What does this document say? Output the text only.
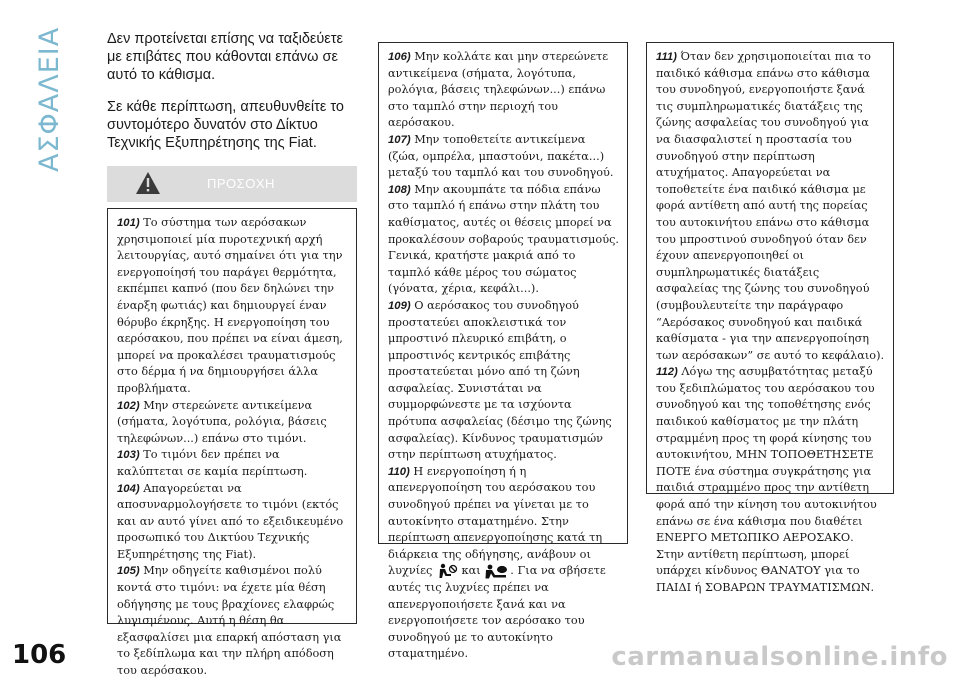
ΑΣΦΑΛΕΙΑ
106

Δεν προτείνεται επίσης να ταξιδεύετε με επιβάτες που κάθονται επάνω σε αυτό το κάθισμα.

Σε κάθε περίπτωση, απευθυνθείτε το συντομότερο δυνατόν στο Δίκτυο Τεχνικής Εξυπηρέτησης της Fiat.

ΠΡΟΣΟΧΗ

101) Το σύστημα των αερόσακων χρησιμοποιεί μία πυροτεχνική αρχή λειτουργίας, αυτό σημαίνει ότι για την ενεργοποίησή του παράγει θερμότητα, εκπέμπει καπνό (που δεν δηλώνει την έναρξη φωτιάς) και δημιουργεί έναν θόρυβο έκρηξης. Η ενεργοποίηση του αερόσακου, που πρέπει να είναι άμεση, μπορεί να προκαλέσει τραυματισμούς στο δέρμα ή να δημιουργήσει άλλα προβλήματα.

102) Μην στερεώνετε αντικείμενα (σήματα, λογότυπα, ρολόγια, βάσεις τηλεφώνων...) επάνω στο τιμόνι.

103) Το τιμόνι δεν πρέπει να καλύπτεται σε καμία περίπτωση.

104) Απαγορεύεται να αποσυναρμολογήσετε το τιμόνι (εκτός και αν αυτό γίνει από το εξειδικευμένο προσωπικό του Δικτύου Τεχνικής Εξυπηρέτησης της Fiat).

105) Μην οδηγείτε καθισμένοι πολύ κοντά στο τιμόνι: να έχετε μία θέση οδήγησης με τους βραχίονες ελαφρώς λυγισμένους. Αυτή η θέση θα εξασφαλίσει μια επαρκή απόσταση για το ξεδίπλωμα και την πλήρη απόδοση του αερόσακου.

106) Μην κολλάτε και μην στερεώνετε αντικείμενα (σήματα, λογότυπα, ρολόγια, βάσεις τηλεφώνων...) επάνω στο ταμπλό στην περιοχή του αερόσακου.

107) Μην τοποθετείτε αντικείμενα (ζώα, ομπρέλα, μπαστούνι, πακέτα...) μεταξύ του ταμπλό και του συνοδηγού.

108) Μην ακουμπάτε τα πόδια επάνω στο ταμπλό ή επάνω στην πλάτη του καθίσματος, αυτές οι θέσεις μπορεί να προκαλέσουν σοβαρούς τραυματισμούς. Γενικά, κρατήστε μακριά από το ταμπλό κάθε μέρος του σώματος (γόνατα, χέρια, κεφάλι...).

109) Ο αερόσακος του συνοδηγού προστατεύει αποκλειστικά τον μπροστινό πλευρικό επιβάτη, ο μπροστινός κεντρικός επιβάτης προστατεύεται μόνο από τη ζώνη ασφαλείας. Συνιστάται να συμμορφώνεστε με τα ισχύοντα πρότυπα ασφαλείας (δέσιμο της ζώνης ασφαλείας). Κίνδυνος τραυματισμών στην περίπτωση ατυχήματος.

110) Η ενεργοποίηση ή η απενεργοποίηση του αερόσακου του συνοδηγού πρέπει να γίνεται με το αυτοκίνητο σταματημένο. Στην περίπτωση απενεργοποίησης κατά τη διάρκεια της οδήγησης, ανάβουν οι λυχνίες	και	. Για να σβήσετε αυτές τις λυχνίες πρέπει να απενεργοποιήσετε ξανά και να ενεργοποιήσετε τον αερόσακο του συνοδηγού με το αυτοκίνητο σταματημένο.

111) Όταν δεν χρησιμοποιείται πια το παιδικό κάθισμα επάνω στο κάθισμα του συνοδηγού, ενεργοποιήστε ξανά τις συμπληρωματικές διατάξεις της ζώνης ασφαλείας του συνοδηγού για να διασφαλιστεί η προστασία του συνοδηγού στην περίπτωση ατυχήματος. Απαγορεύεται να τοποθετείτε ένα παιδικό κάθισμα με φορά αντίθετη από αυτή της πορείας του αυτοκινήτου επάνω στο κάθισμα του μπροστινού συνοδηγού όταν δεν έχουν απενεργοποιηθεί οι συμπληρωματικές διατάξεις ασφαλείας της ζώνης του συνοδηγού (συμβουλευτείτε την παράγραφο “Αερόσακος συνοδηγού και παιδικά καθίσματα - για την απενεργοποίηση των αερόσακων” σε αυτό το κεφάλαιο).

112) Λόγω της ασυμβατότητας μεταξύ του ξεδιπλώματος του αερόσακου του συνοδηγού και της τοποθέτησης ενός παιδικού καθίσματος με την πλάτη στραμμένη προς τη φορά κίνησης του αυτοκινήτου, ΜΗΝ ΤΟΠΟΘΕΤΗΣΕΤΕ ΠΟΤΕ ένα σύστημα συγκράτησης για παιδιά στραμμένο προς την αντίθετη φορά από την κίνηση του αυτοκινήτου επάνω σε ένα κάθισμα που διαθέτει ΕΝΕΡΓΟ ΜΕΤΩΠΙΚΟ ΑΕΡΟΣΑΚΟ. Στην αντίθετη περίπτωση, μπορεί υπάρχει κίνδυνος ΘΑΝΑΤΟΥ για το ΠΑΙΔΙ ή ΣΟΒΑΡΩΝ ΤΡΑΥΜΑΤΙΣΜΩΝ.

carmanualsonline.info
